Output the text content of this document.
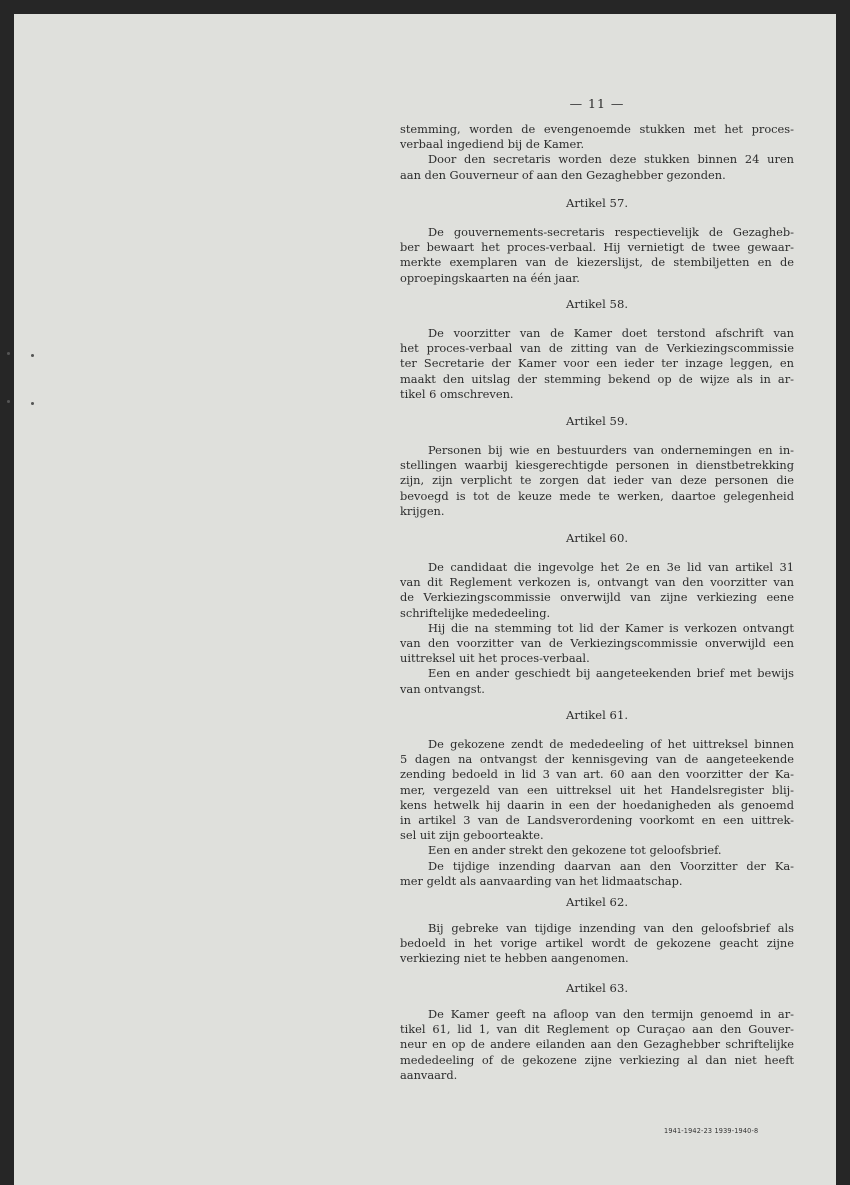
— 11 —
stemming, worden de evengenoemde stukken met het proces-
verbaal ingediend bij de Kamer.
Door den secretaris worden deze stukken binnen 24 uren
aan den Gouverneur of aan den Gezaghebber gezonden.
Artikel 57.
De gouvernements-secretaris respectievelijk de Gezagheb-
ber bewaart het proces-verbaal. Hij vernietigt de twee gewaar-
merkte exemplaren van de kiezerslijst, de stembiljetten en de
oproepingskaarten na één jaar.
Artikel 58.
De voorzitter van de Kamer doet terstond afschrift van
het proces-verbaal van de zitting van de Verkiezingscommissie
ter Secretarie der Kamer voor een ieder ter inzage leggen, en
maakt den uitslag der stemming bekend op de wijze als in ar-
tikel 6 omschreven.
Artikel 59.
Personen bij wie en bestuurders van ondernemingen en in-
stellingen waarbij kiesgerechtigde personen in dienstbetrekking
zijn, zijn verplicht te zorgen dat ieder van deze personen die
bevoegd is tot de keuze mede te werken, daartoe gelegenheid
krijgen.
Artikel 60.
De candidaat die ingevolge het 2e en 3e lid van artikel 31
van dit Reglement verkozen is, ontvangt van den voorzitter van
de Verkiezingscommissie onverwijld van zijne verkiezing eene
schriftelijke mededeeling.
Hij die na stemming tot lid der Kamer is verkozen ontvangt
van den voorzitter van de Verkiezingscommissie onverwijld een
uittreksel uit het proces-verbaal.
Een en ander geschiedt bij aangeteekenden brief met bewijs
van ontvangst.
Artikel 61.
De gekozene zendt de mededeeling of het uittreksel binnen
5 dagen na ontvangst der kennisgeving van de aangeteekende
zending bedoeld in lid 3 van art. 60 aan den voorzitter der Ka-
mer, vergezeld van een uittreksel uit het Handelsregister blij-
kens hetwelk hij daarin in een der hoedanigheden als genoemd
in artikel 3 van de Landsverordening voorkomt en een uittrek-
sel uit zijn geboorteakte.
Een en ander strekt den gekozene tot geloofsbrief.
De tijdige inzending daarvan aan den Voorzitter der Ka-
mer geldt als aanvaarding van het lidmaatschap.
Artikel 62.
Bij gebreke van tijdige inzending van den geloofsbrief als
bedoeld in het vorige artikel wordt de gekozene geacht zijne
verkiezing niet te hebben aangenomen.
Artikel 63.
De Kamer geeft na afloop van den termijn genoemd in ar-
tikel 61, lid 1, van dit Reglement op Curaçao aan den Gouver-
neur en op de andere eilanden aan den Gezaghebber schriftelijke
mededeeling of de gekozene zijne verkiezing al dan niet heeft
aanvaard.
1941-1942-23 1939-1940-8
